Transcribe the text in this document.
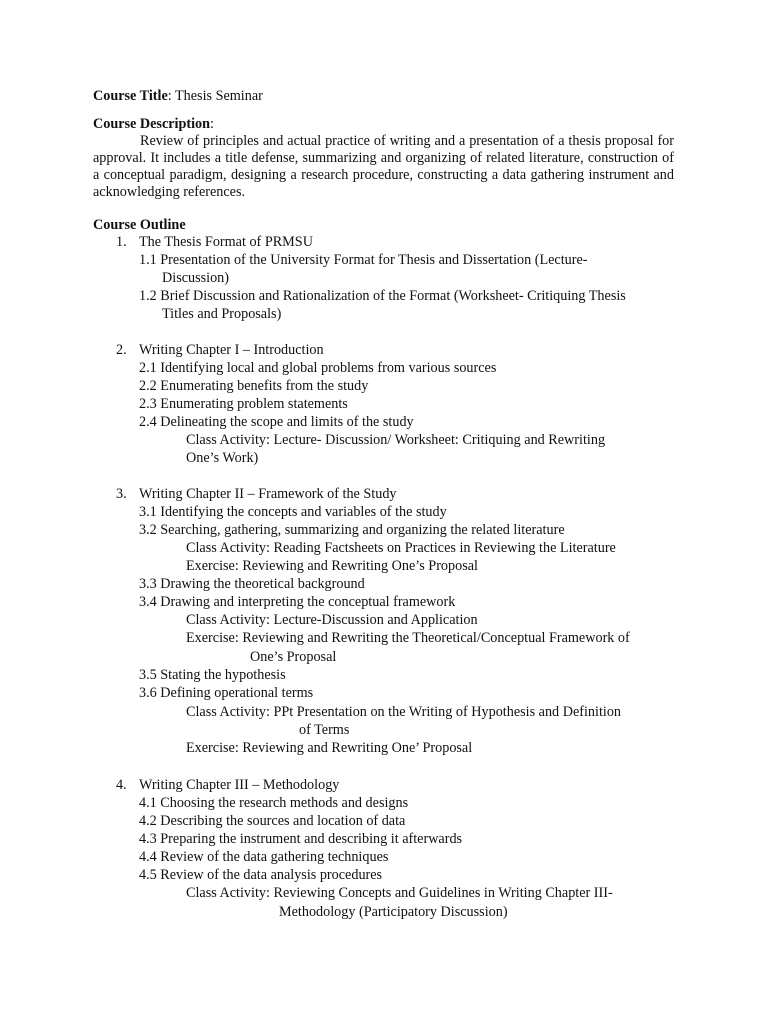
Course Title: Thesis Seminar
Course Description:
Review of principles and actual practice of writing and a presentation of a thesis proposal for approval. It includes a title defense, summarizing and organizing of related literature, construction of a conceptual paradigm, designing a research procedure, constructing a data gathering instrument and acknowledging references.
Course Outline
1. The Thesis Format of PRMSU
1.1 Presentation of the University Format for Thesis and Dissertation (Lecture-
Discussion)
1.2 Brief Discussion and Rationalization of the Format (Worksheet- Critiquing Thesis
Titles and Proposals)
2. Writing Chapter I – Introduction
2.1 Identifying local and global problems from various sources
2.2 Enumerating benefits from the study
2.3 Enumerating problem statements
2.4 Delineating the scope and limits of the study
Class Activity: Lecture- Discussion/ Worksheet: Critiquing and Rewriting
One’s Work)
3. Writing Chapter II – Framework of the Study
3.1 Identifying the concepts and variables of the study
3.2 Searching, gathering, summarizing and organizing the related literature
Class Activity: Reading Factsheets on Practices in Reviewing the Literature
Exercise: Reviewing and Rewriting One’s Proposal
3.3 Drawing the theoretical background
3.4 Drawing and interpreting the conceptual framework
Class Activity: Lecture-Discussion and Application
Exercise: Reviewing and Rewriting the Theoretical/Conceptual Framework of
One’s Proposal
3.5 Stating the hypothesis
3.6 Defining operational terms
Class Activity: PPt Presentation on the Writing of Hypothesis and Definition
of Terms
Exercise: Reviewing and Rewriting One’ Proposal
4. Writing Chapter III – Methodology
4.1 Choosing the research methods and designs
4.2 Describing the sources and location of data
4.3 Preparing the instrument and describing it afterwards
4.4 Review of the data gathering techniques
4.5 Review of the data analysis procedures
Class Activity: Reviewing Concepts and Guidelines in Writing Chapter III-
Methodology (Participatory Discussion)
